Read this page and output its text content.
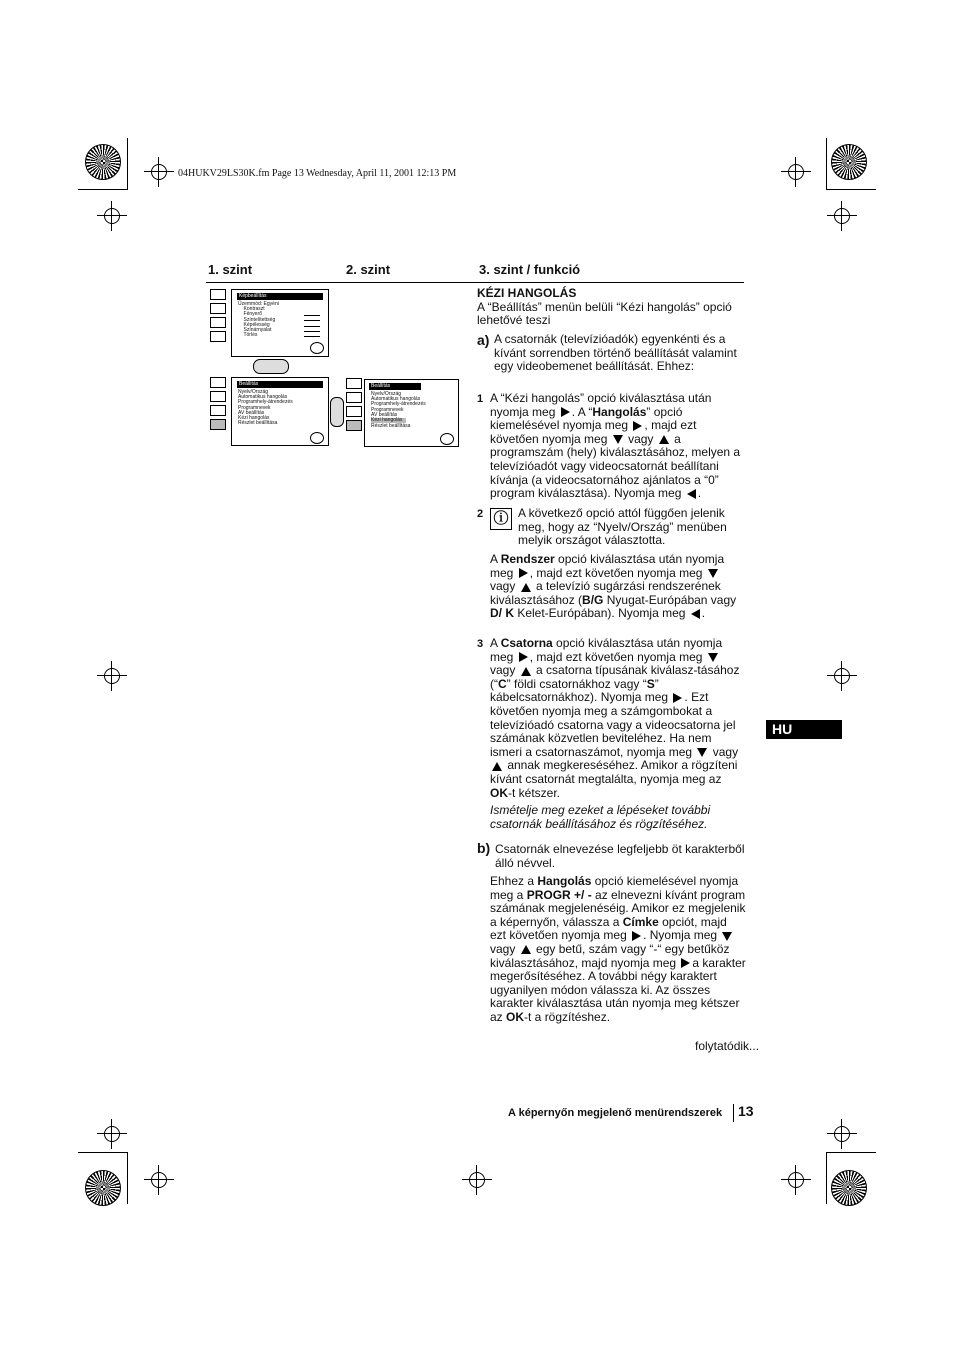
04HUKV29LS30K.fm Page 13 Wednesday, April 11, 2001 12:13 PM
1. szint	2. szint	3. szint / funkció
Képbeállítás
Üzemmód: Egyéni
Kontraszt
Fényerő
Színtelítettség
Képélesség
Színárnyalat
Törlés
Beállítás
Nyelv/Ország
Automatikus hangolás
Programhely-átrendezés
Programnevek
AV beállítás
Kézi hangolás
Részlet beállítása
Beállítás
Nyelv/Ország
Automatikus hangolás
Programhely-átrendezés
Programnevek
AV beállítás
Kézi hangolás
Részlet beállítása
KÉZI HANGOLÁS
A “Beállítás” menün belüli “Kézi hangolás” opció lehetővé teszi
a) A csatornák (televízióadók) egyenkénti és a kívánt sorrendben történő beállítását valamint egy videobemenet beállítását. Ehhez:
1 A “Kézi hangolás” opció kiválasztása után nyomja meg . A “Hangolás” opció kiemelésével nyomja meg , majd ezt követően nyomja meg  vagy  a programszám (hely) kiválasztásához, melyen a televízióadót vagy videocsatornát beállítani kívánja (a videocsatornához ajánlatos a “0” program kiválasztása). Nyomja meg .
2 ⓘ A következő opció attól függően jelenik meg, hogy az “Nyelv/Ország” menüben melyik országot választotta.
A Rendszer opció kiválasztása után nyomja meg , majd ezt követően nyomja meg  vagy  a televízió sugárzási rendszerének kiválasztásához (B/G Nyugat-Európában vagy D/ K Kelet-Európában). Nyomja meg .
3 A Csatorna opció kiválasztása után nyomja meg , majd ezt követően nyomja meg  vagy  a csatorna típusának kiválasz-tásához (“C” földi csatornákhoz vagy “S” kábelcsatornákhoz). Nyomja meg . Ezt követően nyomja meg a számgombokat a televízióadó csatorna vagy a videocsatorna jel számának közvetlen beviteléhez. Ha nem ismeri a csatornaszámot, nyomja meg  vagy  annak megkereséséhez. Amikor a rögzíteni kívánt csatornát megtalálta, nyomja meg az OK-t kétszer.
Ismételje meg ezeket a lépéseket további csatornák beállításához és rögzítéséhez.
b) Csatornák elnevezése legfeljebb öt karakterből álló névvel.
Ehhez a Hangolás opció kiemelésével nyomja meg a PROGR +/ - az elnevezni kívánt program számának megjelenéséig. Amikor ez megjelenik a képernyőn, válassza a Címke opciót, majd ezt követően nyomja meg . Nyomja meg  vagy  egy betű, szám vagy “-“ egy betűköz kiválasztásához, majd nyomja meg a karakter megerősítéséhez. A további négy karaktert ugyanilyen módon válassza ki. Az összes karakter kiválasztása után nyomja meg kétszer az OK-t a rögzítéshez.
HU
folytatódik...
A képernyőn megjelenő menürendszerek 13
